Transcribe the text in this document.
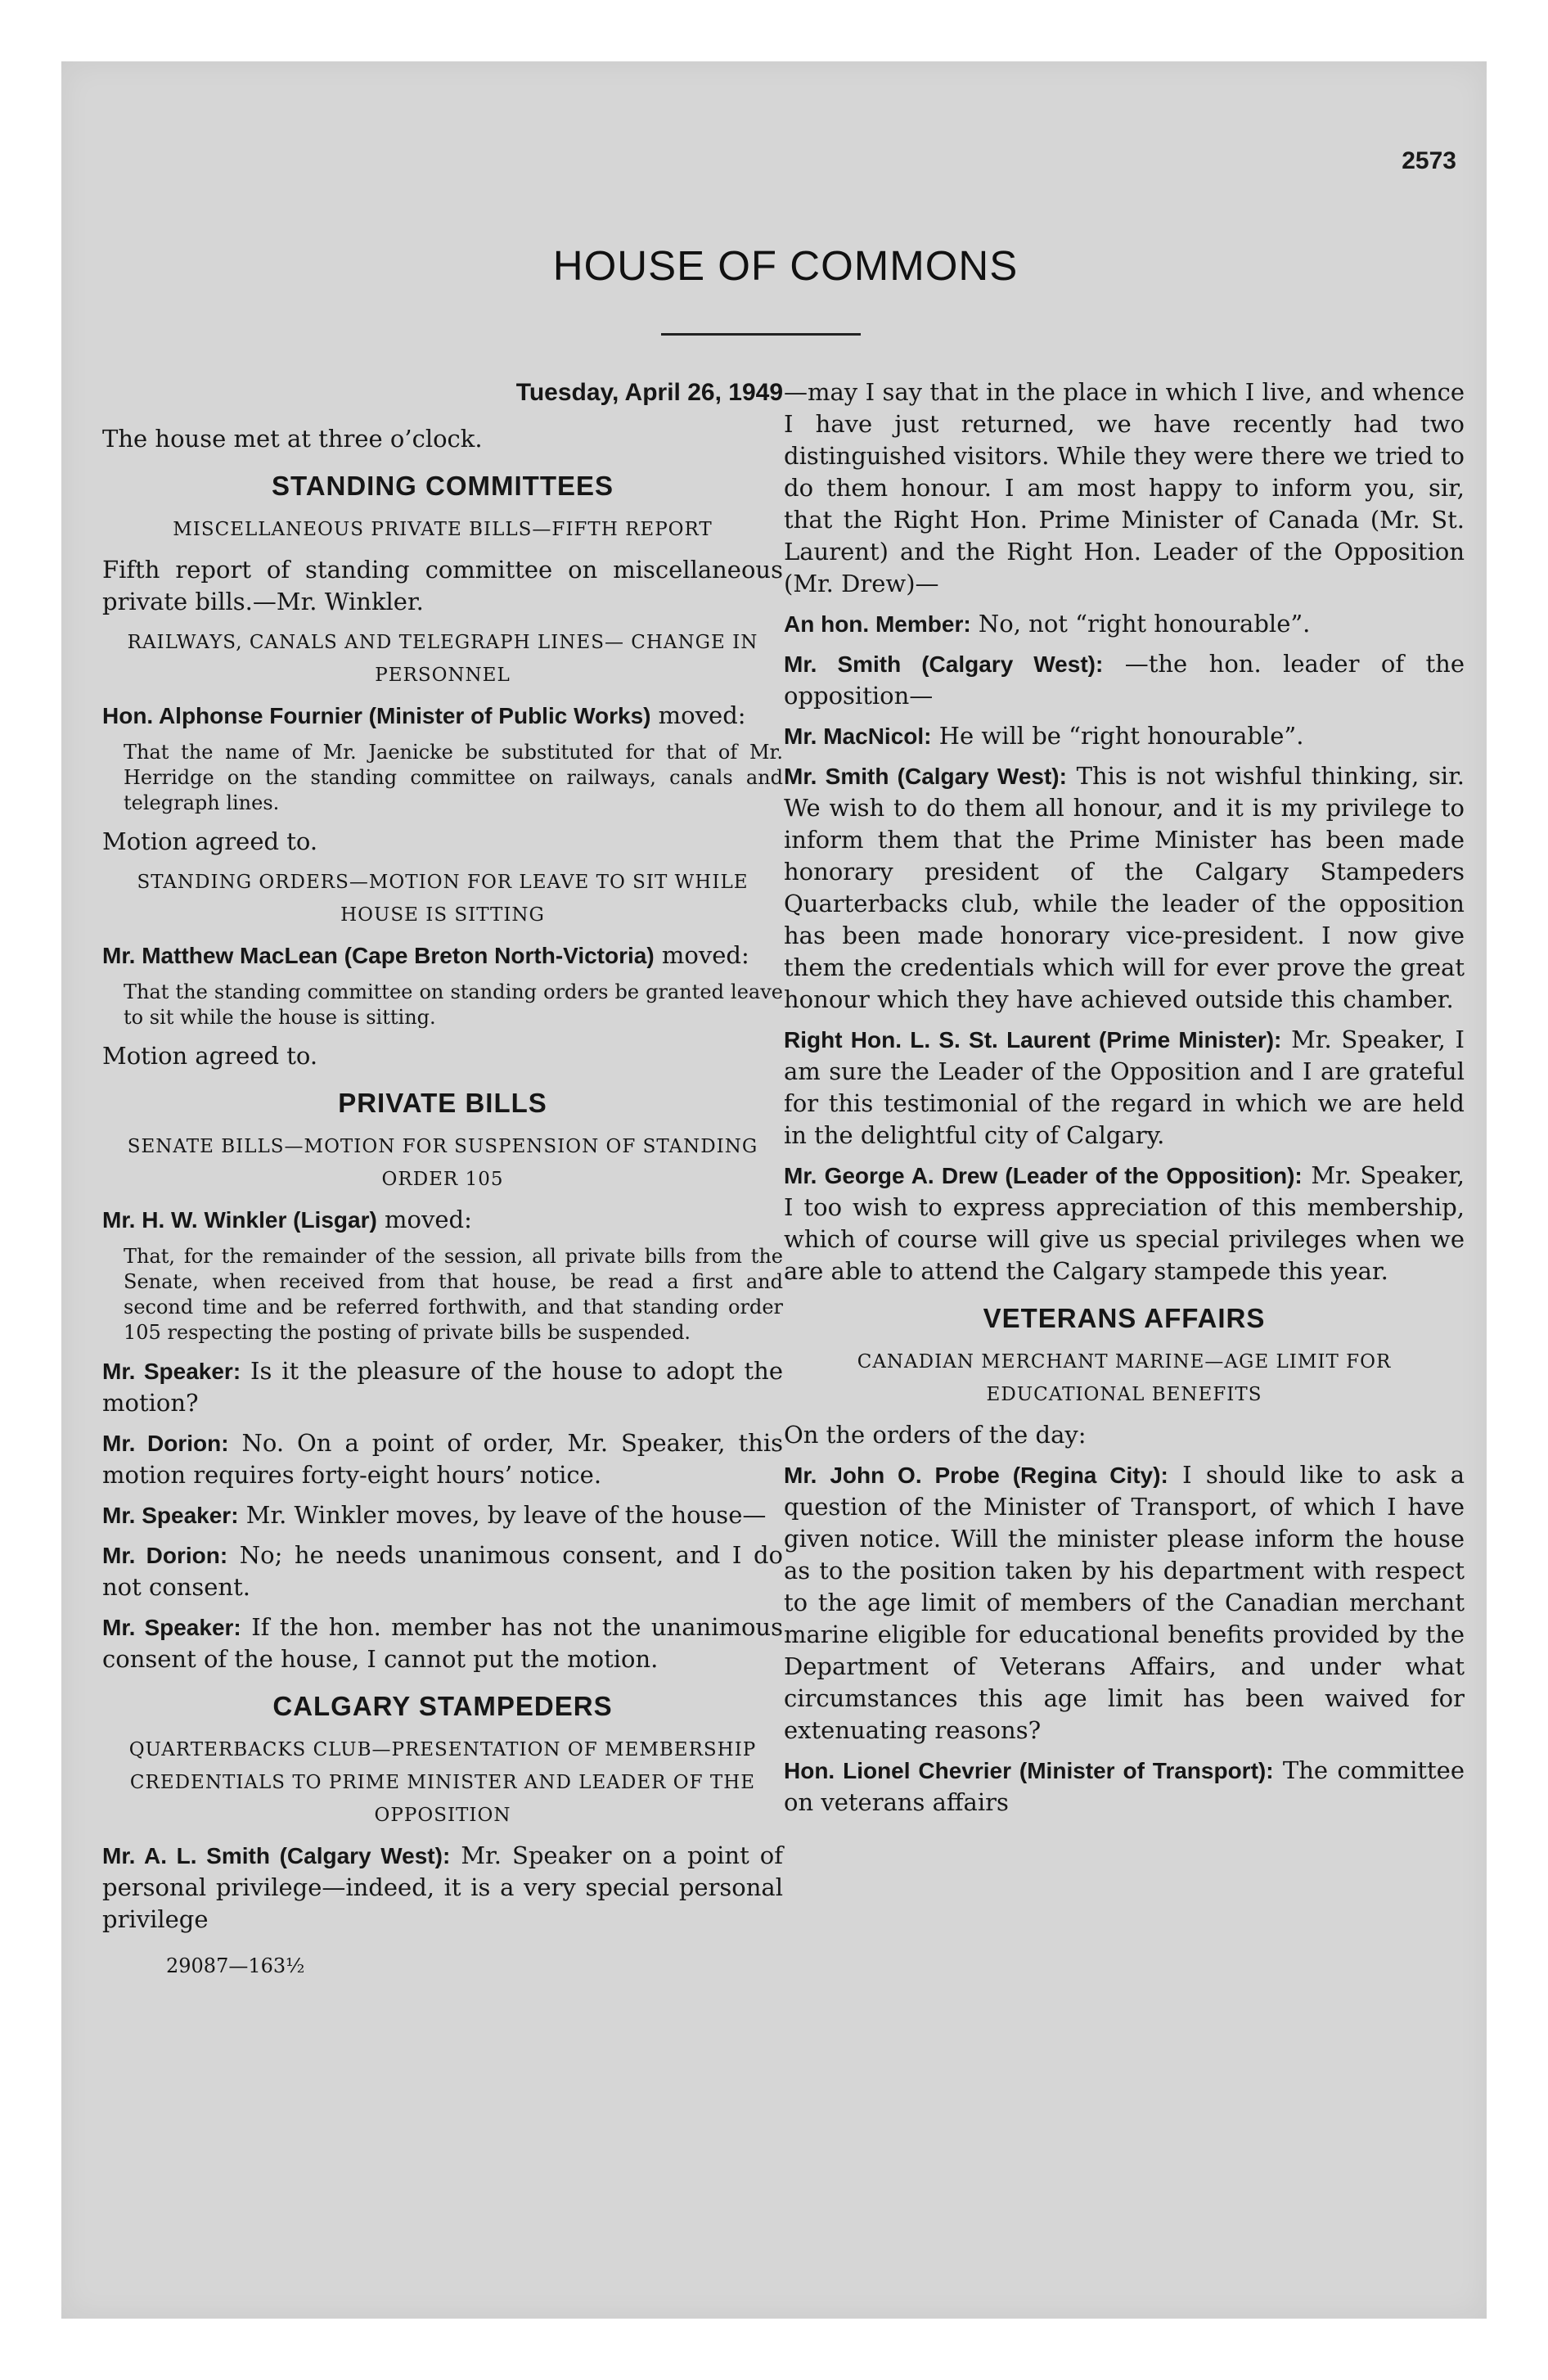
2573
HOUSE OF COMMONS
Tuesday, April 26, 1949

The house met at three o’clock.

STANDING COMMITTEES
MISCELLANEOUS PRIVATE BILLS—FIFTH REPORT

Fifth report of standing committee on miscellaneous private bills.—Mr. Winkler.

RAILWAYS, CANALS AND TELEGRAPH LINES— CHANGE IN PERSONNEL

Hon. Alphonse Fournier (Minister of Public Works) moved:

That the name of Mr. Jaenicke be substituted for that of Mr. Herridge on the standing committee on railways, canals and telegraph lines.

Motion agreed to.

STANDING ORDERS—MOTION FOR LEAVE TO SIT WHILE HOUSE IS SITTING

Mr. Matthew MacLean (Cape Breton North-Victoria) moved:

That the standing committee on standing orders be granted leave to sit while the house is sitting.

Motion agreed to.

PRIVATE BILLS
SENATE BILLS—MOTION FOR SUSPENSION OF STANDING ORDER 105

Mr. H. W. Winkler (Lisgar) moved:

That, for the remainder of the session, all private bills from the Senate, when received from that house, be read a first and second time and be referred forthwith, and that standing order 105 respecting the posting of private bills be suspended.

Mr. Speaker: Is it the pleasure of the house to adopt the motion?

Mr. Dorion: No. On a point of order, Mr. Speaker, this motion requires forty-eight hours’ notice.

Mr. Speaker: Mr. Winkler moves, by leave of the house—

Mr. Dorion: No; he needs unanimous consent, and I do not consent.

Mr. Speaker: If the hon. member has not the unanimous consent of the house, I cannot put the motion.

CALGARY STAMPEDERS
QUARTERBACKS CLUB—PRESENTATION OF MEMBERSHIP CREDENTIALS TO PRIME MINISTER AND LEADER OF THE OPPOSITION

Mr. A. L. Smith (Calgary West): Mr. Speaker on a point of personal privilege—indeed, it is a very special personal privilege

29087—163½

—may I say that in the place in which I live, and whence I have just returned, we have recently had two distinguished visitors. While they were there we tried to do them honour. I am most happy to inform you, sir, that the Right Hon. Prime Minister of Canada (Mr. St. Laurent) and the Right Hon. Leader of the Opposition (Mr. Drew)—

An hon. Member: No, not “right honourable”.

Mr. Smith (Calgary West): —the hon. leader of the opposition—

Mr. MacNicol: He will be “right honourable”.

Mr. Smith (Calgary West): This is not wishful thinking, sir. We wish to do them all honour, and it is my privilege to inform them that the Prime Minister has been made honorary president of the Calgary Stampeders Quarterbacks club, while the leader of the opposition has been made honorary vice-president. I now give them the credentials which will for ever prove the great honour which they have achieved outside this chamber.

Right Hon. L. S. St. Laurent (Prime Minister): Mr. Speaker, I am sure the Leader of the Opposition and I are grateful for this testimonial of the regard in which we are held in the delightful city of Calgary.

Mr. George A. Drew (Leader of the Opposition): Mr. Speaker, I too wish to express appreciation of this membership, which of course will give us special privileges when we are able to attend the Calgary stampede this year.

VETERANS AFFAIRS
CANADIAN MERCHANT MARINE—AGE LIMIT FOR EDUCATIONAL BENEFITS

On the orders of the day:

Mr. John O. Probe (Regina City): I should like to ask a question of the Minister of Transport, of which I have given notice. Will the minister please inform the house as to the position taken by his department with respect to the age limit of members of the Canadian merchant marine eligible for educational benefits provided by the Department of Veterans Affairs, and under what circumstances this age limit has been waived for extenuating reasons?

Hon. Lionel Chevrier (Minister of Transport): The committee on veterans affairs
